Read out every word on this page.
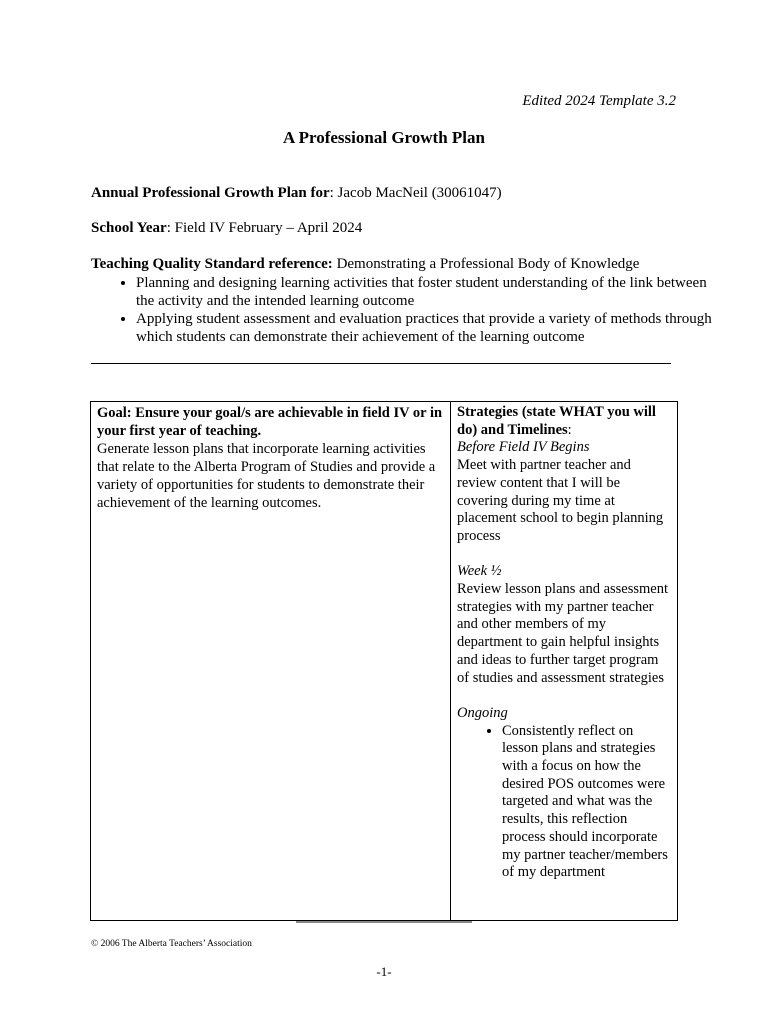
Edited 2024 Template 3.2
A Professional Growth Plan
Annual Professional Growth Plan for: Jacob MacNeil (30061047)
School Year: Field IV February – April 2024
Teaching Quality Standard reference: Demonstrating a Professional Body of Knowledge
• Planning and designing learning activities that foster student understanding of the link between the activity and the intended learning outcome
• Applying student assessment and evaluation practices that provide a variety of methods through which students can demonstrate their achievement of the learning outcome
Goal: Ensure your goal/s are achievable in field IV or in your first year of teaching.
Generate lesson plans that incorporate learning activities that relate to the Alberta Program of Studies and provide a variety of opportunities for students to demonstrate their achievement of the learning outcomes.
Strategies (state WHAT you will do) and Timelines:
Before Field IV Begins
Meet with partner teacher and review content that I will be covering during my time at placement school to begin planning process
Week ½
Review lesson plans and assessment strategies with my partner teacher and other members of my department to gain helpful insights and ideas to further target program of studies and assessment strategies
Ongoing
• Consistently reflect on lesson plans and strategies with a focus on how the desired POS outcomes were targeted and what was the results, this reflection process should incorporate my partner teacher/members of my department
© 2006 The Alberta Teachers’ Association
-1-
